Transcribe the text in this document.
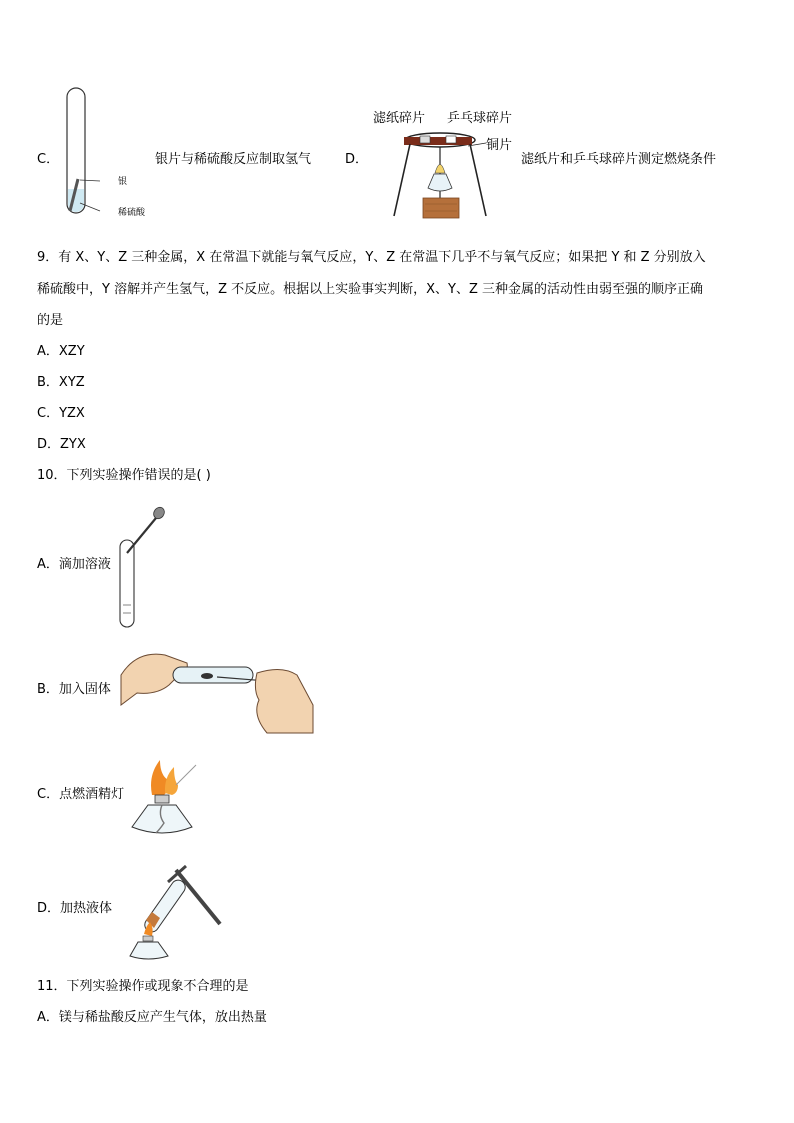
C．
银
稀硫酸
银片与稀硫酸反应制取氢气	D．
滤纸碎片 乒乓球碎片
铜片
滤纸片和乒乓球碎片测定燃烧条件
9．有 X、Y、Z 三种金属，X 在常温下就能与氧气反应，Y、Z 在常温下几乎不与氧气反应；如果把 Y 和 Z 分别放入
稀硫酸中，Y 溶解并产生氢气，Z 不反应。根据以上实验事实判断，X、Y、Z 三种金属的活动性由弱至强的顺序正确
的是
A．XZY
B．XYZ
C．YZX
D．ZYX
10．下列实验操作错误的是( )
A．滴加溶液
B．加入固体
C．点燃酒精灯
D．加热液体
11．下列实验操作或现象不合理的是
A．镁与稀盐酸反应产生气体，放出热量
